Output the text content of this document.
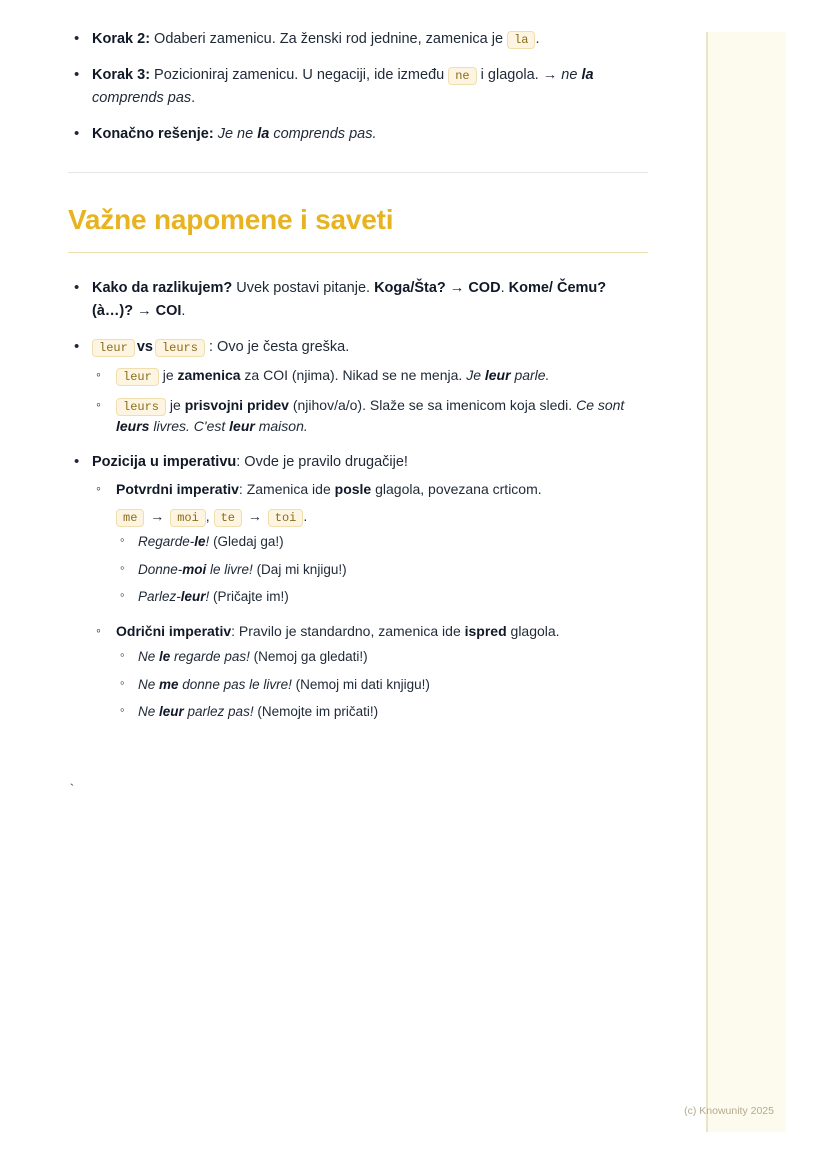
• Korak 2: Odaberi zamenicu. Za ženski rod jednine, zamenica je la .
• Korak 3: Pozicioniraj zamenicu. U negaciji, ide između ne i glagola. → ne la comprends pas.
• Konačno rešenje: Je ne la comprends pas.
Važne napomene i saveti
• Kako da razlikujem? Uvek postavi pitanje. Koga/Šta? → COD. Kome/ Čemu? (à…)? → COI.
• leur vs leurs : Ovo je česta greška.
◦ leur je zamenica za COI (njima). Nikad se ne menja. Je leur parle.
◦ leurs je prisvojni pridev (njihov/a/o). Slaže se sa imenicom koja sledi. Ce sont leurs livres. C'est leur maison.
• Pozicija u imperativu: Ovde je pravilo drugačije!
◦ Potvrdni imperativ: Zamenica ide posle glagola, povezana crticom.
me → moi , te → toi .
◦ Regarde-le! (Gledaj ga!)
◦ Donne-moi le livre! (Daj mi knjigu!)
◦ Parlez-leur! (Pričajte im!)
◦ Odrični imperativ: Pravilo je standardno, zamenica ide ispred glagola.
◦ Ne le regarde pas! (Nemoj ga gledati!)
◦ Ne me donne pas le livre! (Nemoj mi dati knjigu!)
◦ Ne leur parlez pas! (Nemojte im pričati!)
`
(c) Knowunity 2025
